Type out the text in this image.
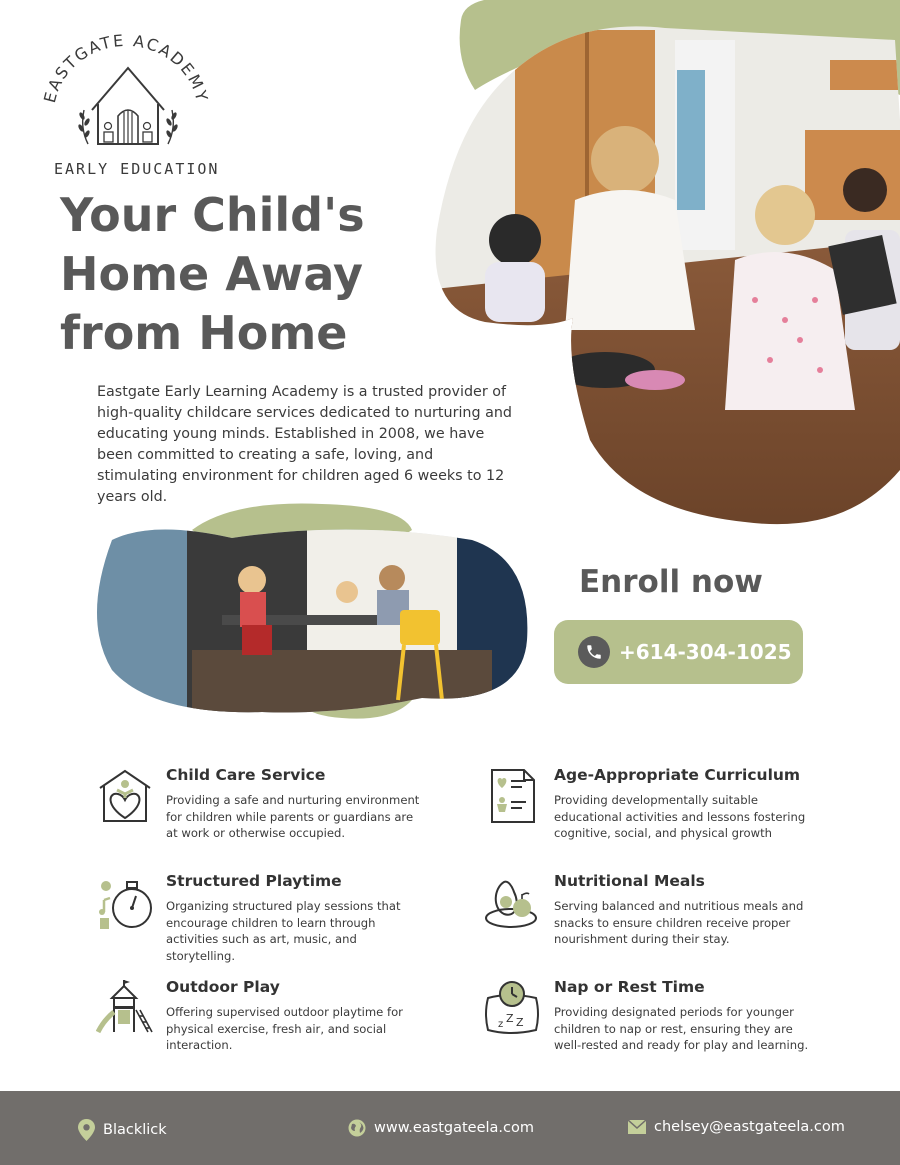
EASTGATE ACADEMY
EARLY EDUCATION
Your Child's
Home Away
from Home

Eastgate Early Learning Academy is a trusted provider of high-quality childcare services dedicated to nurturing and educating young minds. Established in 2008, we have been committed to creating a safe, loving, and stimulating environment for children aged 6 weeks to 12 years old.

Enroll now
+614-304-1025
Child Care Service
Providing a safe and nurturing environment for children while parents or guardians are at work or otherwise occupied.
Age-Appropriate Curriculum
Providing developmentally suitable educational activities and lessons fostering cognitive, social, and physical growth
Structured Playtime
Organizing structured play sessions that encourage children to learn through activities such as art, music, and storytelling.
Nutritional Meals
Serving balanced and nutritious meals and snacks to ensure children receive proper nourishment during their stay.
Outdoor Play
Offering supervised outdoor playtime for physical exercise, fresh air, and social interaction.
z Z Z
Nap or Rest Time
Providing designated periods for younger children to nap or rest, ensuring they are well-rested and ready for play and learning.
Blacklick	www.eastgateela.com	chelsey@eastgateela.com
